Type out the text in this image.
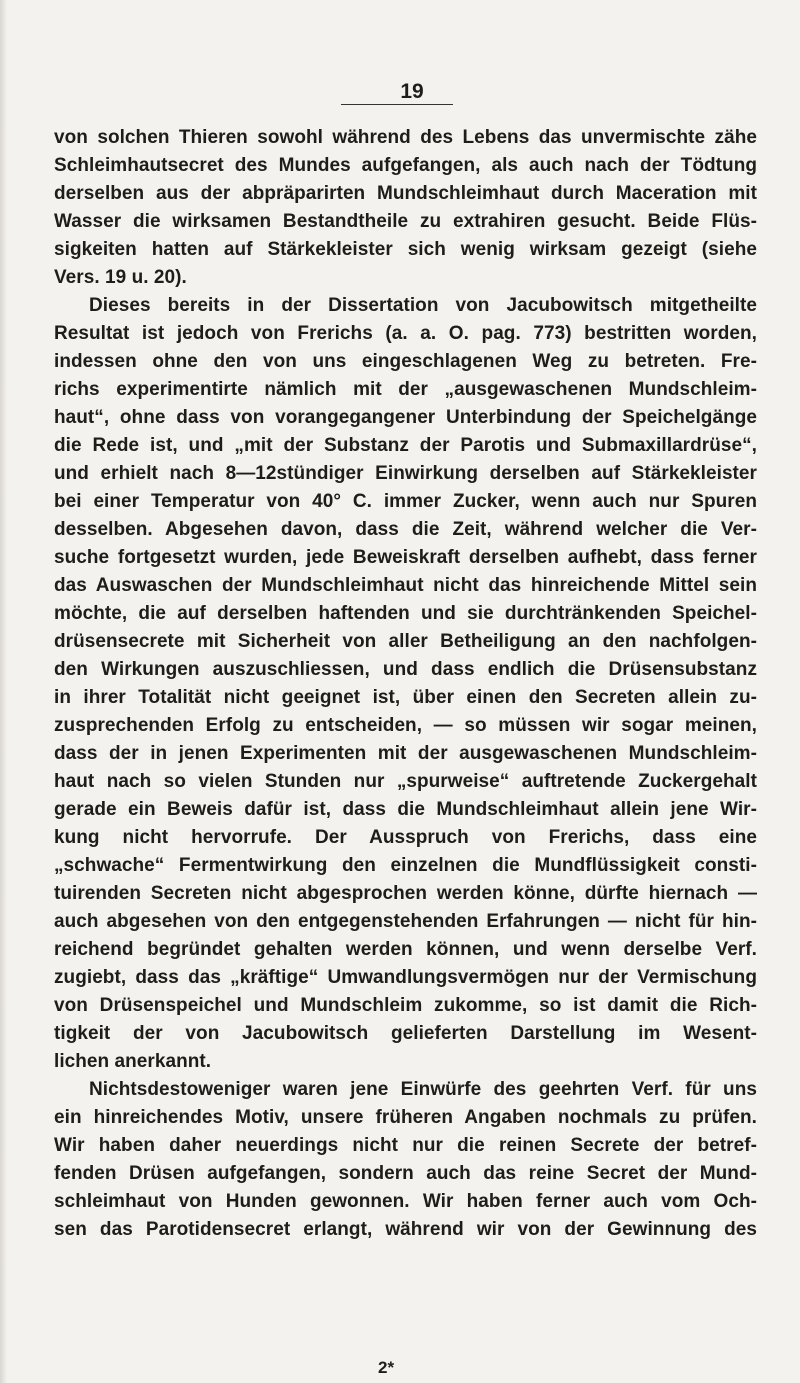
19
von solchen Thieren sowohl während des Lebens das unvermischte zähe
Schleimhautsecret des Mundes aufgefangen, als auch nach der Tödtung
derselben aus der abpräparirten Mundschleimhaut durch Maceration mit
Wasser die wirksamen Bestandtheile zu extrahiren gesucht. Beide Flüs-
sigkeiten hatten auf Stärkekleister sich wenig wirksam gezeigt (siehe
Vers. 19 u. 20).
Dieses bereits in der Dissertation von Jacubowitsch mitgetheilte
Resultat ist jedoch von Frerichs (a. a. O. pag. 773) bestritten worden,
indessen ohne den von uns eingeschlagenen Weg zu betreten. Fre-
richs experimentirte nämlich mit der „ausgewaschenen Mundschleim-
haut“, ohne dass von vorangegangener Unterbindung der Speichelgänge
die Rede ist, und „mit der Substanz der Parotis und Submaxillardrüse“,
und erhielt nach 8—12stündiger Einwirkung derselben auf Stärkekleister
bei einer Temperatur von 40° C. immer Zucker, wenn auch nur Spuren
desselben. Abgesehen davon, dass die Zeit, während welcher die Ver-
suche fortgesetzt wurden, jede Beweiskraft derselben aufhebt, dass ferner
das Auswaschen der Mundschleimhaut nicht das hinreichende Mittel sein
möchte, die auf derselben haftenden und sie durchtränkenden Speichel-
drüsensecrete mit Sicherheit von aller Betheiligung an den nachfolgen-
den Wirkungen auszuschliessen, und dass endlich die Drüsensubstanz
in ihrer Totalität nicht geeignet ist, über einen den Secreten allein zu-
zusprechenden Erfolg zu entscheiden, — so müssen wir sogar meinen,
dass der in jenen Experimenten mit der ausgewaschenen Mundschleim-
haut nach so vielen Stunden nur „spurweise“ auftretende Zuckergehalt
gerade ein Beweis dafür ist, dass die Mundschleimhaut allein jene Wir-
kung nicht hervorrufe. Der Ausspruch von Frerichs, dass eine
„schwache“ Fermentwirkung den einzelnen die Mundflüssigkeit consti-
tuirenden Secreten nicht abgesprochen werden könne, dürfte hiernach —
auch abgesehen von den entgegenstehenden Erfahrungen — nicht für hin-
reichend begründet gehalten werden können, und wenn derselbe Verf.
zugiebt, dass das „kräftige“ Umwandlungsvermögen nur der Vermischung
von Drüsenspeichel und Mundschleim zukomme, so ist damit die Rich-
tigkeit der von Jacubowitsch gelieferten Darstellung im Wesent-
lichen anerkannt.
Nichtsdestoweniger waren jene Einwürfe des geehrten Verf. für uns
ein hinreichendes Motiv, unsere früheren Angaben nochmals zu prüfen.
Wir haben daher neuerdings nicht nur die reinen Secrete der betref-
fenden Drüsen aufgefangen, sondern auch das reine Secret der Mund-
schleimhaut von Hunden gewonnen. Wir haben ferner auch vom Och-
sen das Parotidensecret erlangt, während wir von der Gewinnung des
2*
